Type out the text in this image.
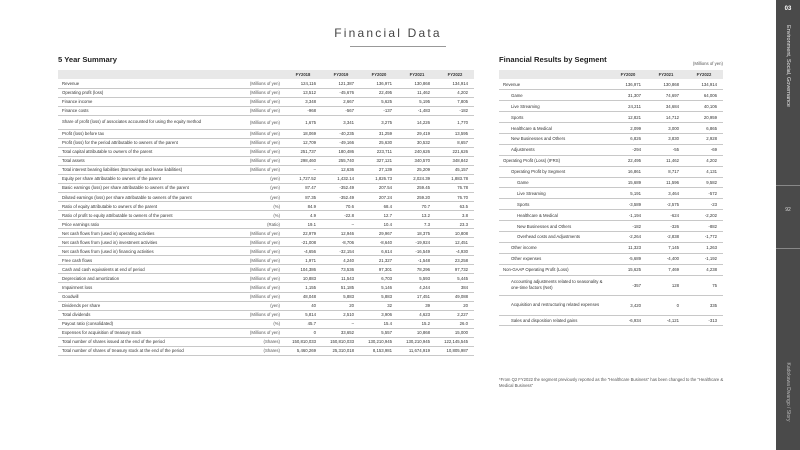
Financial Data
03
Environment, Social, Governance
92
Kadokawa Dwango / Story
5 Year Summary
		FY2018	FY2019	FY2020	FY2021	FY2022
Revenue	(Millions of yen)	124,116	121,387	136,971	130,868	134,914
Operating profit (loss)	(Millions of yen)	13,512	-45,676	22,495	11,462	4,202
Finance income	(Millions of yen)	3,348	2,667	5,625	5,195	7,805
Finance costs	(Millions of yen)	-968	-567	-137	-1,483	-182
Share of profit (loss) of associates accounted for using the equity method	(Millions of yen)	1,675	3,341	3,275	14,226	1,770
Profit (loss) before tax	(Millions of yen)	18,069	-40,235	31,259	29,419	13,595
Profit (loss) for the period attributable to owners of the parent	(Millions of yen)	12,709	-49,166	25,630	30,532	8,657
Total capital attributable to owners of the parent	(Millions of yen)	251,737	180,486	223,711	240,626	221,626
Total assets	(Millions of yen)	298,460	255,740	327,121	340,570	348,842
Total interest bearing liabilities (Borrowings and lease liabilities)	(Millions of yen)	–	12,636	27,139	25,209	45,157
Equity per share attributable to owners of the parent	(yen)	1,727.52	1,432.14	1,826.73	2,024.39	1,883.78
Basic earnings (loss) per share attributable to owners of the parent	(yen)	87.47	-352.49	207.54	259.45	76.78
Diluted earnings (loss) per share attributable to owners of the parent	(yen)	87.35	-352.49	207.24	259.20	76.70
Ratio of equity attributable to owners of the parent	(%)	84.9	70.6	68.4	70.7	63.5
Ratio of profit to equity attributable to owners of the parent	(%)	4.9	-22.8	12.7	13.2	3.8
Price earnings ratio	(Ratio)	19.1	–	10.4	7.3	23.3
Net cash flows from (used in) operating activities	(Millions of yen)	22,979	12,946	29,967	18,375	10,808
Net cash flows from (used in) investment activities	(Millions of yen)	-21,008	-8,706	-8,640	-19,924	12,451
Net cash flows from (used in) financing activities	(Millions of yen)	-4,656	-32,154	6,614	-16,549	-4,930
Free cash flows	(Millions of yen)	1,971	4,240	21,327	-1,548	23,258
Cash and cash equivalents at end of period	(Millions of yen)	104,386	73,536	97,301	78,296	97,732
Depreciation and amortization	(Millions of yen)	10,883	11,543	6,703	5,593	5,445
Impairment loss	(Millions of yen)	1,155	51,185	5,146	4,244	384
Goodwill	(Millions of yen)	48,048	5,883	5,883	17,451	49,088
Dividends per share	(yen)	40	20	32	39	20
Total dividends	(Millions of yen)	5,814	2,510	3,906	4,623	2,227
Payout ratio (consolidated)	(%)	45.7	–	15.4	15.2	26.0
Expenses for acquisition of treasury stock	(Millions of yen)	0	33,652	5,557	10,868	15,000
Total number of shares issued at the end of the period	(Shares)	150,810,033	150,810,033	130,210,945	130,210,945	122,145,545
Total number of shares of treasury stock at the end of the period	(Shares)	5,460,269	25,310,018	8,153,981	11,674,919	10,805,987
Financial Results by Segment	(Millions of yen)
	FY2020	FY2021	FY2022
Revenue	136,971	130,868	134,914
Game	31,307	74,697	64,006
Live Streaming	24,211	34,684	40,106
Sports	12,821	14,712	20,959
Healthcare & Medical	2,099	3,000	6,865
New Businesses and Others	6,826	3,830	2,928
Adjustments	-294	-55	-69
Operating Profit (Loss) (IFRS)	22,495	11,462	4,202
Operating Profit by Segment	16,861	8,717	4,131
Game	15,689	11,596	9,582
Live Streaming	5,191	3,464	-572
Sports	-3,589	-2,575	-23
Healthcare & Medical	-1,194	-624	-2,202
New Businesses and Others	-182	-326	-882
Overhead costs and Adjustments	-2,264	-2,838	-1,772
Other income	11,323	7,145	1,263
Other expenses	-5,689	-4,400	-1,192
Non-GAAP Operating Profit (Loss)	15,625	7,469	4,238
Accounting adjustments related to seasonality & one-time factors (Net)	-357	128	75
Acquisition and restructuring related expenses	3,420	0	335
Sales and disposition related gains	-6,934	-4,121	-313
*From Q2 FY2022 the segment previously reported as the "Healthcare Business" has been changed to the "Healthcare & Medical Business"
